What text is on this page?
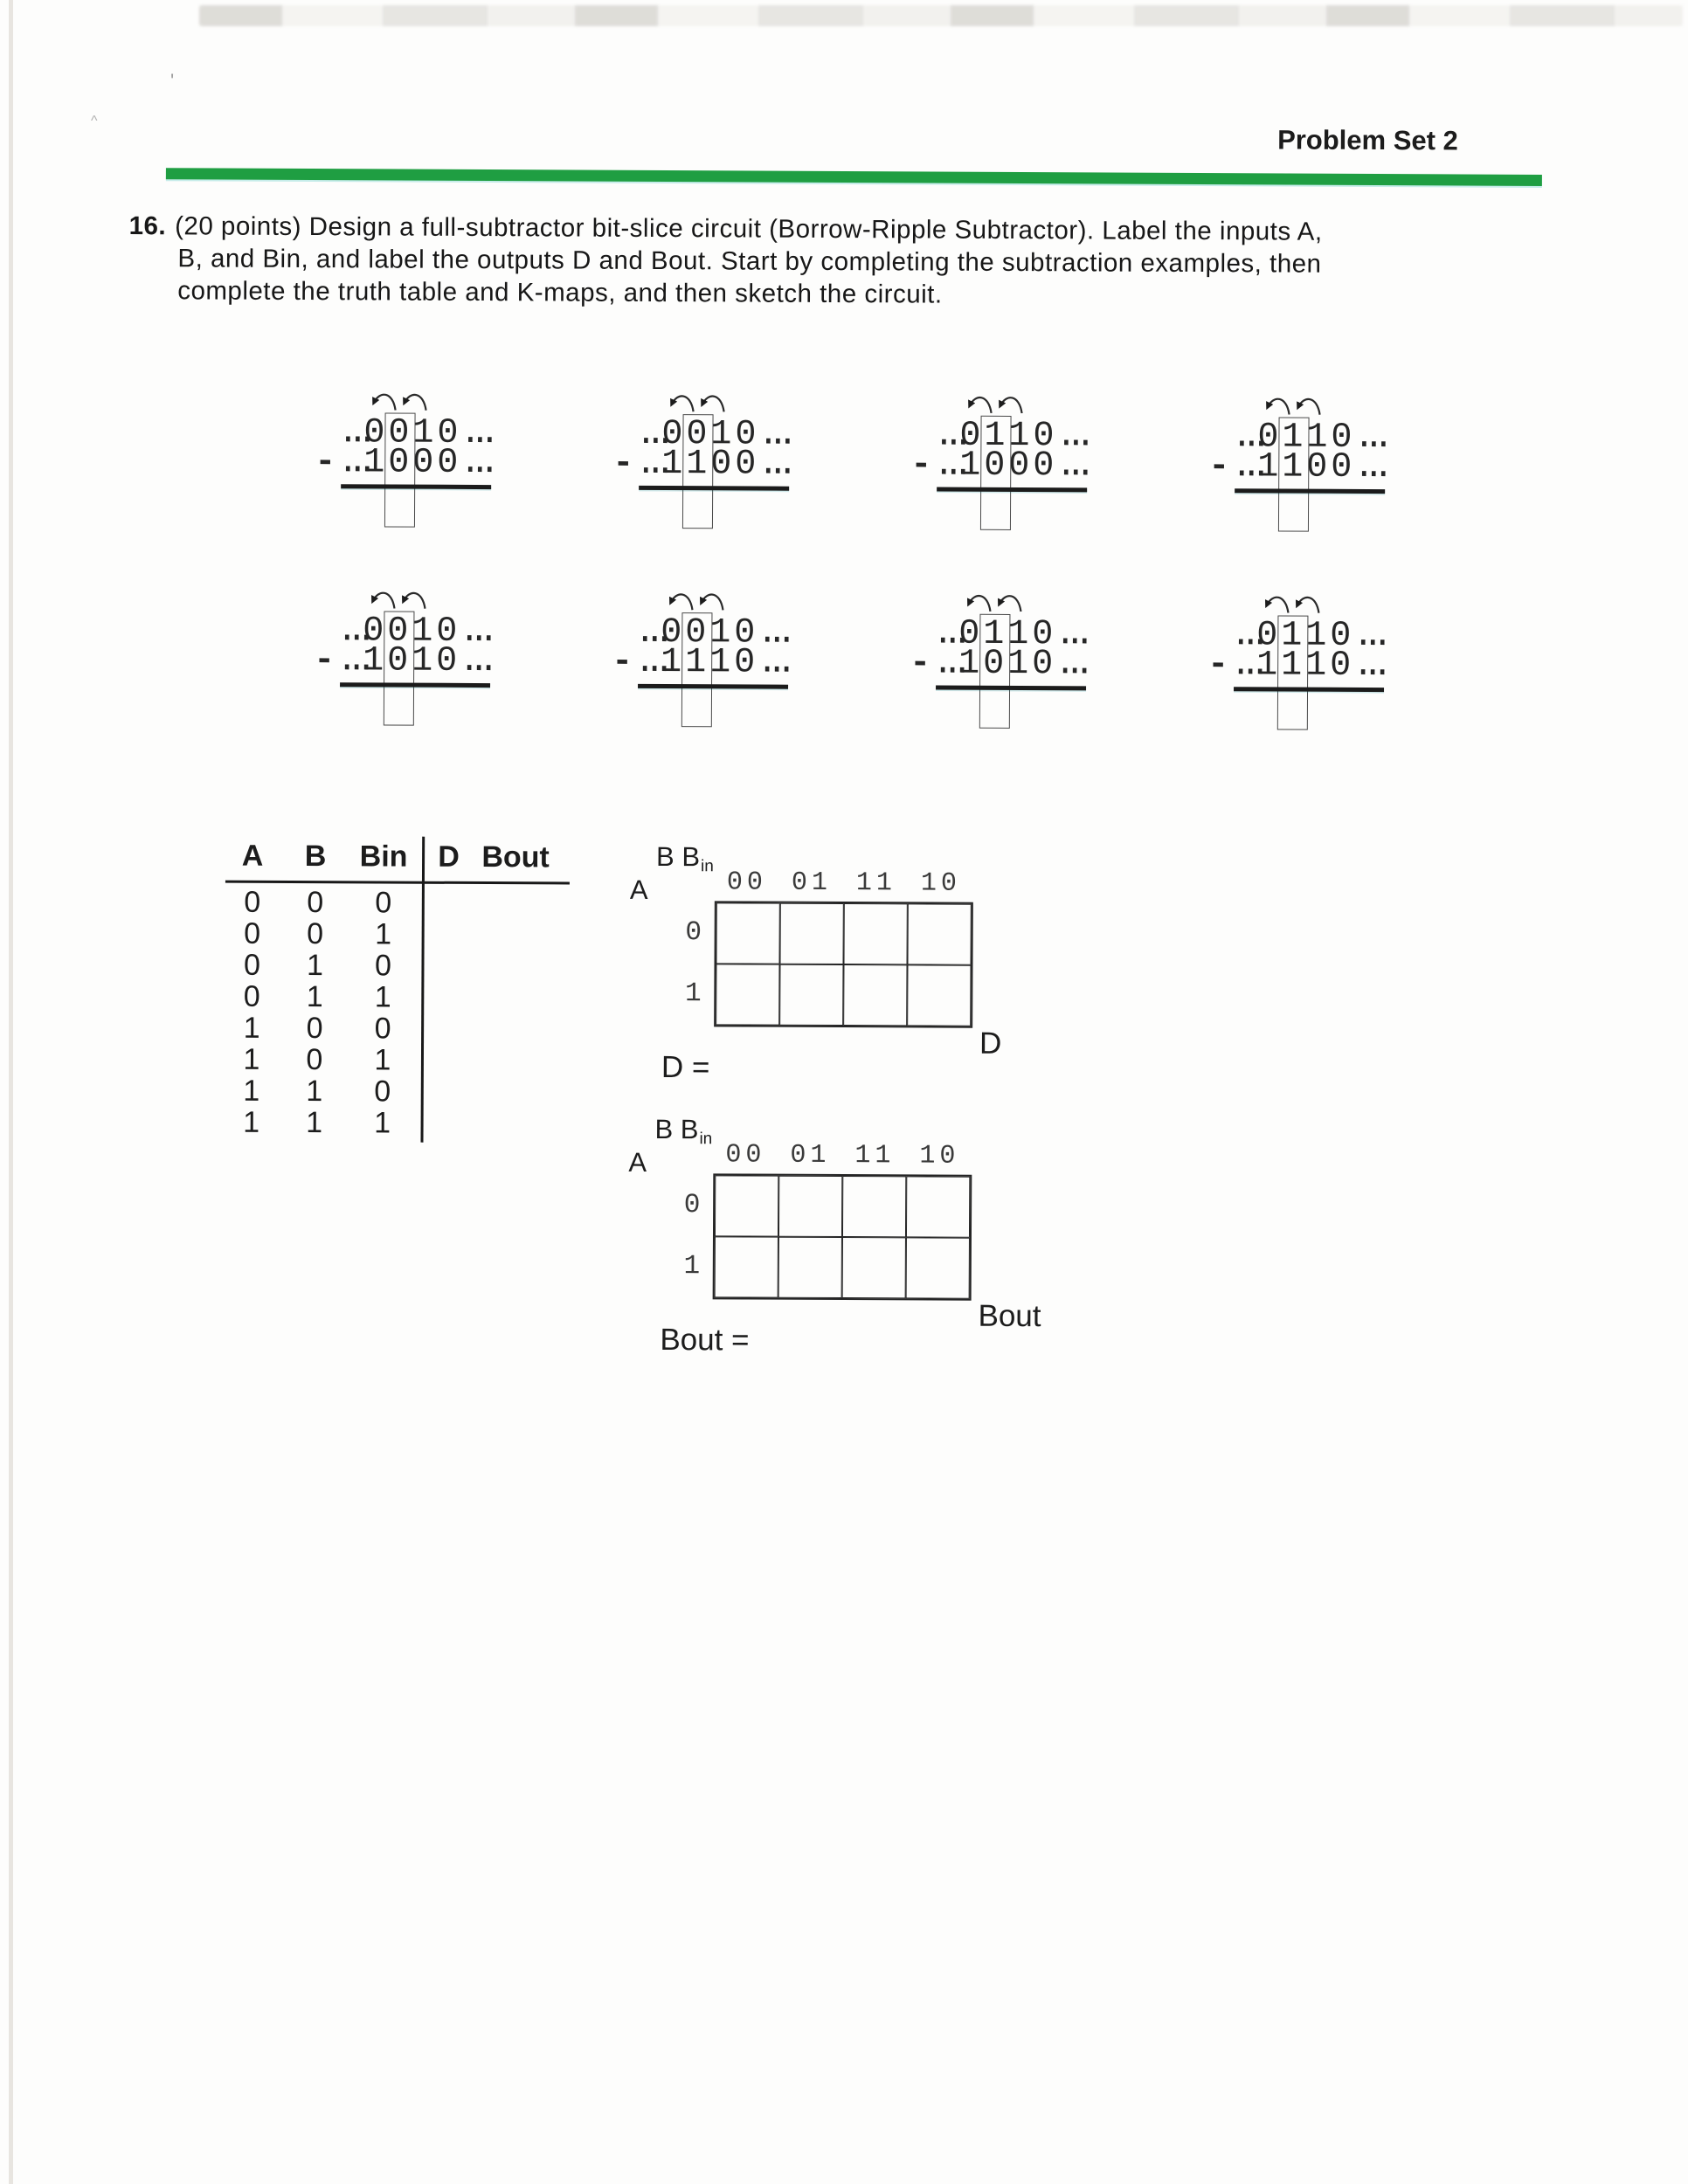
'
^
Problem Set 2
16. (20 points) Design a full-subtractor bit-slice circuit (Borrow-Ripple Subtractor). Label the inputs A,
B, and Bin, and label the outputs D and Bout. Start by completing the subtraction examples, then
complete the truth table and K-maps, and then sketch the circuit.
...
0 0 1 0 ...
...
1 0 0 0 ...
-
...
0 0 1 0 ...
...
1 1 0 0 ...
-
...
0 1 1 0 ...
...
1 0 0 0 ...
-
...
0 1 1 0 ...
...
1 1 0 0 ...
-
...
0 0 1 0 ...
...
1 0 1 0 ...
-
...
0 0 1 0 ...
...
1 1 1 0 ...
-
...
0 1 1 0 ...
...
1 0 1 0 ...
-
...
0 1 1 0 ...
...
1 1 1 0 ...
-
A	B	Bin	D Bout
0	0	0
0	0	1
0	1	0
0	1	1
1	0	0
1	0	1
1	1	0
1	1	1
B Bin
A	00 01 11 10
0
1
D
D =
B Bin
A	00 01 11 10
0
1
Bout
Bout =
